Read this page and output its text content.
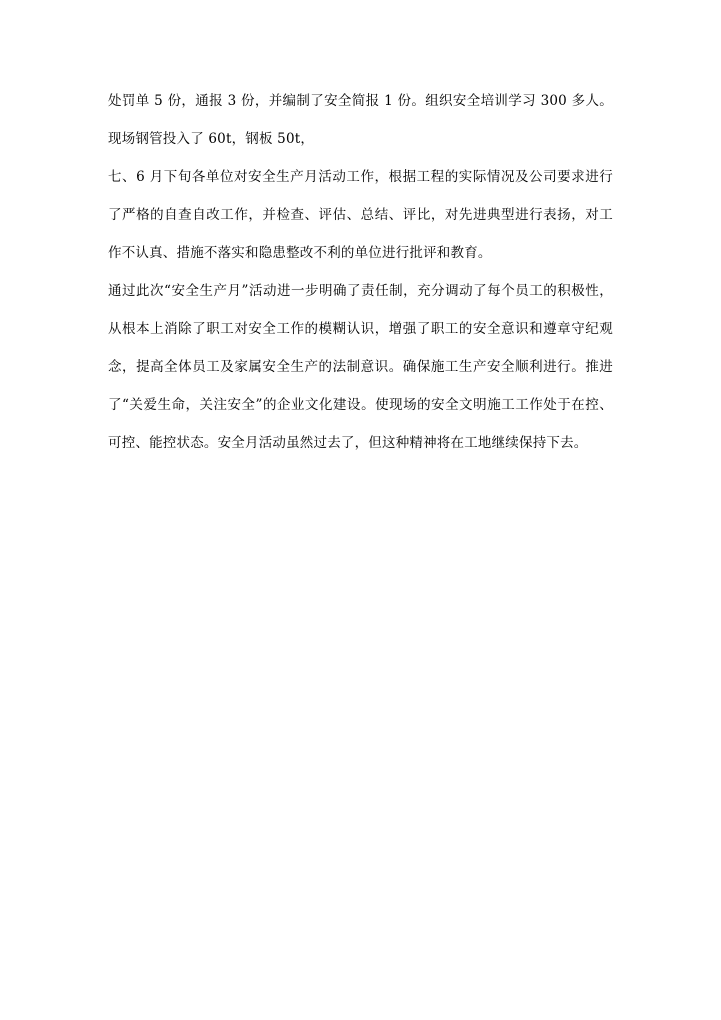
处罚单 5 份，通报 3 份，并编制了安全简报 1 份。组织安全培训学习 300 多人。现场钢管投入了 60t，钢板 50t，

七、6 月下旬各单位对安全生产月活动工作，根据工程的实际情况及公司要求进行了严格的自查自改工作，并检查、评估、总结、评比，对先进典型进行表扬，对工作不认真、措施不落实和隐患整改不利的单位进行批评和教育。

通过此次“安全生产月”活动进一步明确了责任制，充分调动了每个员工的积极性，从根本上消除了职工对安全工作的模糊认识，增强了职工的安全意识和遵章守纪观念，提高全体员工及家属安全生产的法制意识。确保施工生产安全顺利进行。推进了“关爱生命，关注安全”的企业文化建设。使现场的安全文明施工工作处于在控、可控、能控状态。安全月活动虽然过去了，但这种精神将在工地继续保持下去。
